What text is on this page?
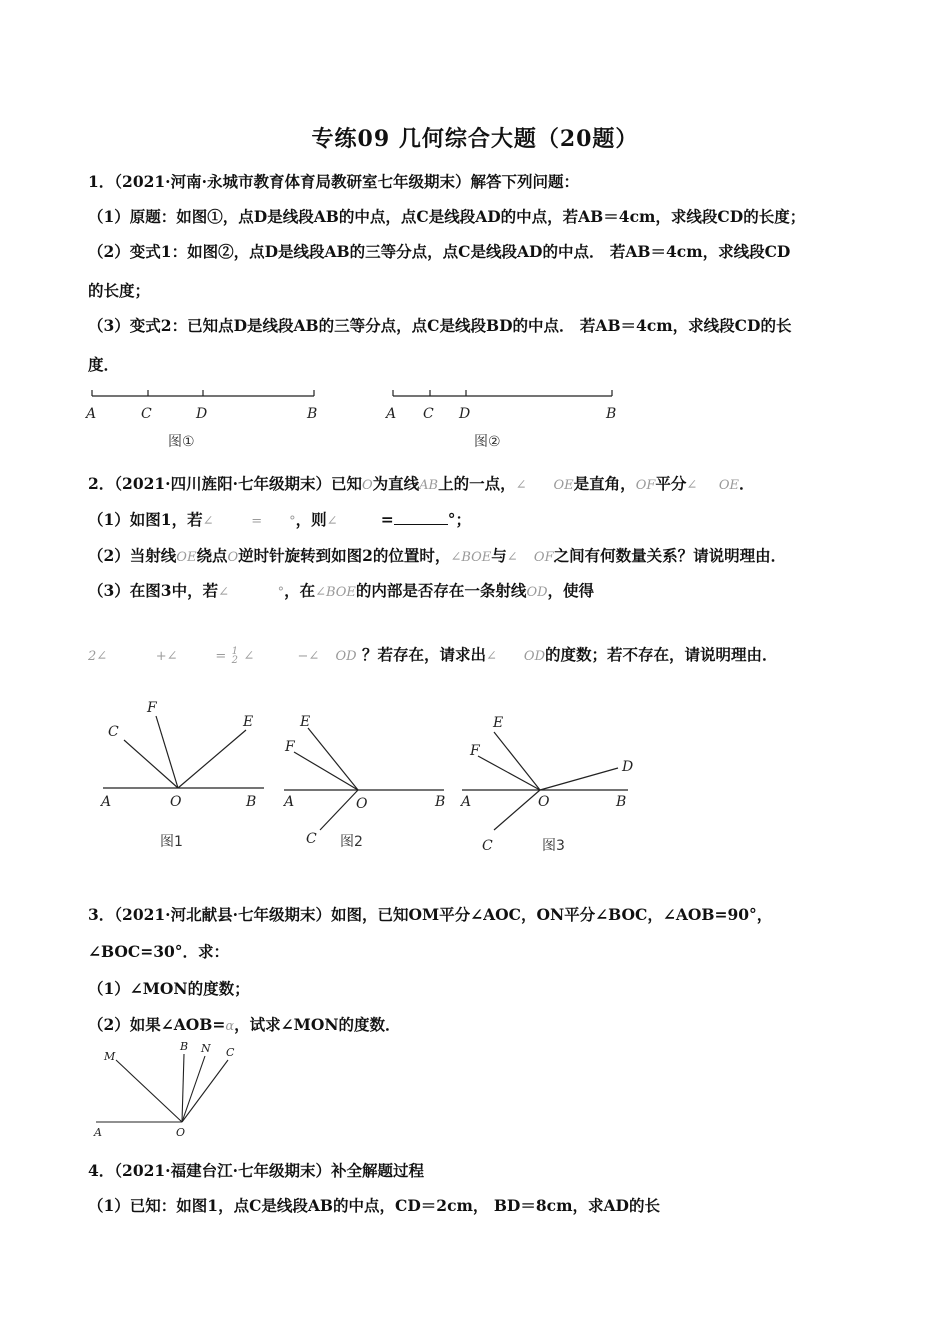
专练09 几何综合大题（20题）
1．（2021·河南·永城市教育体育局教研室七年级期末）解答下列问题：
（1）原题：如图①，点D是线段AB的中点，点C是线段AD的中点，若AB＝4cm，求线段CD的长度；
（2）变式1：如图②，点D是线段AB的三等分点，点C是线段AD的中点． 若AB＝4cm，求线段CD
的长度；
（3）变式2：已知点D是线段AB的三等分点，点C是线段BD的中点． 若AB＝4cm，求线段CD的长
度．
2．（2021·四川旌阳·七年级期末）已知O为直线AB上的一点，∠ OE是直角，OF平分∠ OE．
（1）如图1，若∠	= °，则∠	=	°；
（2）当射线OE绕点O逆时针旋转到如图2的位置时，∠BOE与∠ OF之间有何数量关系？请说明理由．
（3）在图3中，若∠	°，在∠BOE的内部是否存在一条射线OD，使得
2∠	+∠	= 1
2 ∠	−∠ OD ？若存在，请求出∠ OD的度数；若不存在，请说明理由．
3．（2021·河北献县·七年级期末）如图，已知OM平分∠AOC，ON平分∠BOC，∠AOB=90°，
∠BOC=30°．求：
（1）∠MON的度数；
（2）如果∠AOB=α，试求∠MON的度数．
4．（2021·福建台江·七年级期末）补全解题过程
（1）已知：如图1，点C是线段AB的中点，CD＝2cm， BD＝8cm，求AD的长
A	C	D	B
图①
A C D	B
图②
C
F
E
A	O	B
图1
E
F
A	O	B
C 图2
E
F
D
A	O	B
C	图3
M
B N C
A	O
